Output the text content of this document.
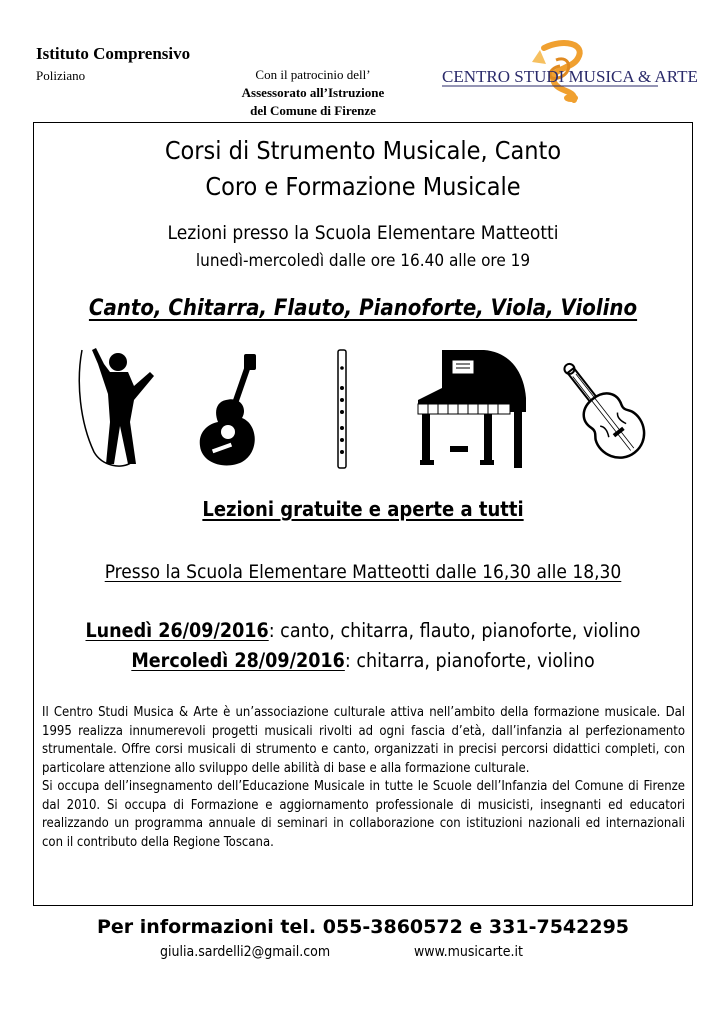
Istituto Comprensivo
Poliziano	Con il patrocinio dell’
Assessorato all’Istruzione
del Comune di Firenze
CENTRO STUDI MUSICA & ARTE
Corsi di Strumento Musicale, Canto
Coro e Formazione Musicale
Lezioni presso la Scuola Elementare Matteotti
lunedì-mercoledì dalle ore 16.40 alle ore 19
Canto, Chitarra, Flauto, Pianoforte, Viola, Violino
Lezioni gratuite e aperte a tutti
Presso la Scuola Elementare Matteotti dalle 16,30 alle 18,30
Lunedì 26/09/2016: canto, chitarra, flauto, pianoforte, violino
Mercoledì 28/09/2016: chitarra, pianoforte, violino

Il Centro Studi Musica & Arte è un’associazione culturale attiva nell’ambito della formazione musicale. Dal 1995 realizza innumerevoli progetti musicali rivolti ad ogni fascia d’età, dall’infanzia al perfezionamento strumentale. Offre corsi musicali di strumento e canto, organizzati in precisi percorsi didattici completi, con particolare attenzione allo sviluppo delle abilità di base e alla formazione culturale.

Si occupa dell’insegnamento dell’Educazione Musicale in tutte le Scuole dell’Infanzia del Comune di Firenze dal 2010. Si occupa di Formazione e aggiornamento professionale di musicisti, insegnanti ed educatori realizzando un programma annuale di seminari in collaborazione con istituzioni nazionali ed internazionali con il contributo della Regione Toscana.

Per informazioni tel. 055-3860572 e 331-7542295
giulia.sardelli2@gmail.com	www.musicarte.it
